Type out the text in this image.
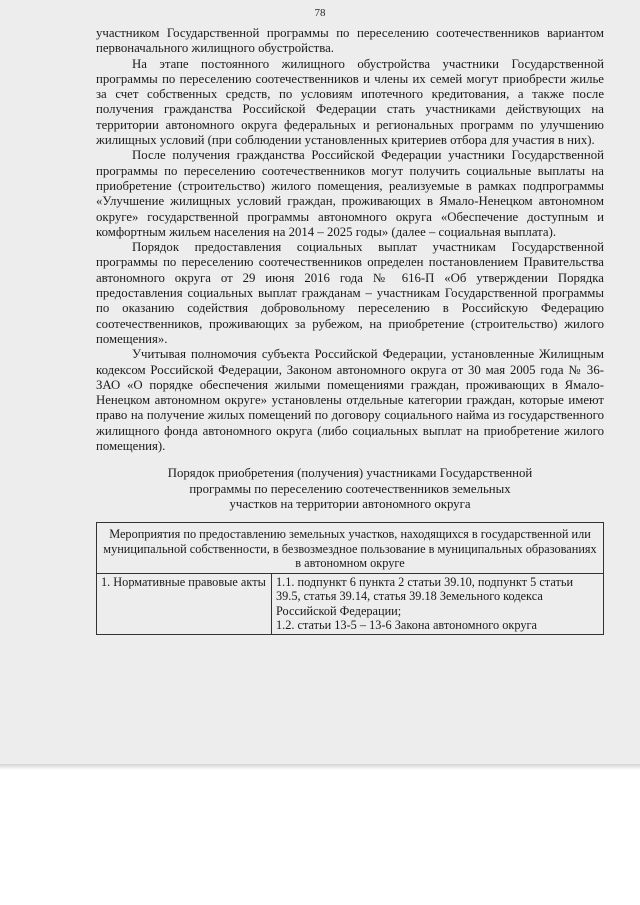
78

участником Государственной программы по переселению соотечественников вариантом первоначального жилищного обустройства.

На этапе постоянного жилищного обустройства участники Государственной программы по переселению соотечественников и члены их семей могут приобрести жилье за счет собственных средств, по условиям ипотечного кредитования, а также после получения гражданства Российской Федерации стать участниками действующих на территории автономного округа федеральных и региональных программ по улучшению жилищных условий (при соблюдении установленных критериев отбора для участия в них).

После получения гражданства Российской Федерации участники Государственной программы по переселению соотечественников могут получить социальные выплаты на приобретение (строительство) жилого помещения, реализуемые в рамках подпрограммы «Улучшение жилищных условий граждан, проживающих в Ямало-Ненецком автономном округе» государственной программы автономного округа «Обеспечение доступным и комфортным жильем населения на 2014 – 2025 годы» (далее – социальная выплата).

Порядок предоставления социальных выплат участникам Государственной программы по переселению соотечественников определен постановлением Правительства автономного округа от 29 июня 2016 года № 616-П «Об утверждении Порядка предоставления социальных выплат гражданам – участникам Государственной программы по оказанию содействия добровольному переселению в Российскую Федерацию соотечественников, проживающих за рубежом, на приобретение (строительство) жилого помещения».

Учитывая полномочия субъекта Российской Федерации, установленные Жилищным кодексом Российской Федерации, Законом автономного округа от 30 мая 2005 года № 36-ЗАО «О порядке обеспечения жилыми помещениями граждан, проживающих в Ямало-Ненецком автономном округе» установлены отдельные категории граждан, которые имеют право на получение жилых помещений по договору социального найма из государственного жилищного фонда автономного округа (либо социальных выплат на приобретение жилого помещения).

Порядок приобретения (получения) участниками Государственной
программы по переселению соотечественников земельных
участков на территории автономного округа
Мероприятия по предоставлению земельных участков, находящихся в государственной или муниципальной собственности, в безвозмездное пользование в муниципальных образованиях в автономном округе
1. Нормативные правовые акты	1.1. подпункт 6 пункта 2 статьи 39.10, подпункт 5 статьи 39.5, статья 39.14, статья 39.18 Земельного кодекса Российской Федерации;
1.2. статьи 13-5 – 13-6 Закона автономного округа
